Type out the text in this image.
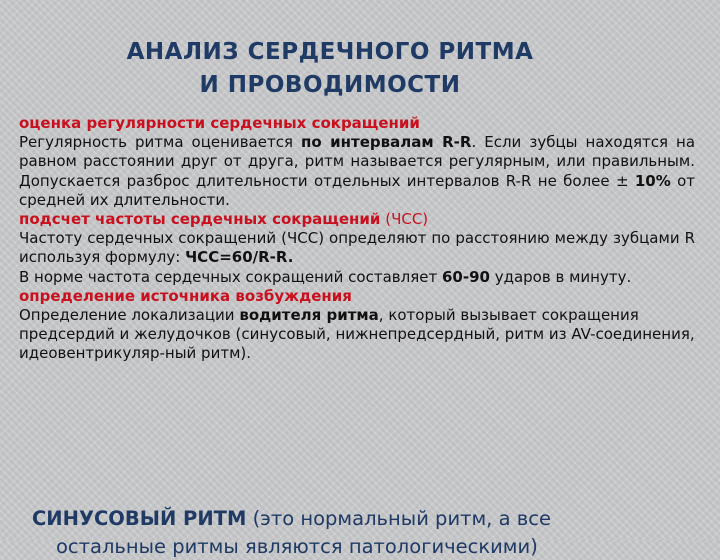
АНАЛИЗ СЕРДЕЧНОГО РИТМА
И ПРОВОДИМОСТИ
оценка регулярности сердечных сокращений

Регулярность ритма оценивается по интервалам R-R. Если зубцы находятся на равном расстоянии друг от друга, ритм называется регулярным, или правильным. Допускается разброс длительности отдельных интервалов R-R не более ± 10% от средней их длительности.

подсчет частоты сердечных сокращений (ЧСС)

Частоту сердечных сокращений (ЧСС) определяют по расстоянию между зубцами R используя формулу: ЧСС=60/R-R.

В норме частота сердечных сокращений составляет 60-90 ударов в минуту.

определение источника возбуждения

Определение локализации водителя ритма, который вызывает сокращения предсердий и желудочков (синусовый, нижнепредсердный, ритм из AV-соединения, идеовентрикуляр-ный ритм).

СИНУСОВЫЙ РИТМ (это нормальный ритм, а все
остальные ритмы являются патологическими)
